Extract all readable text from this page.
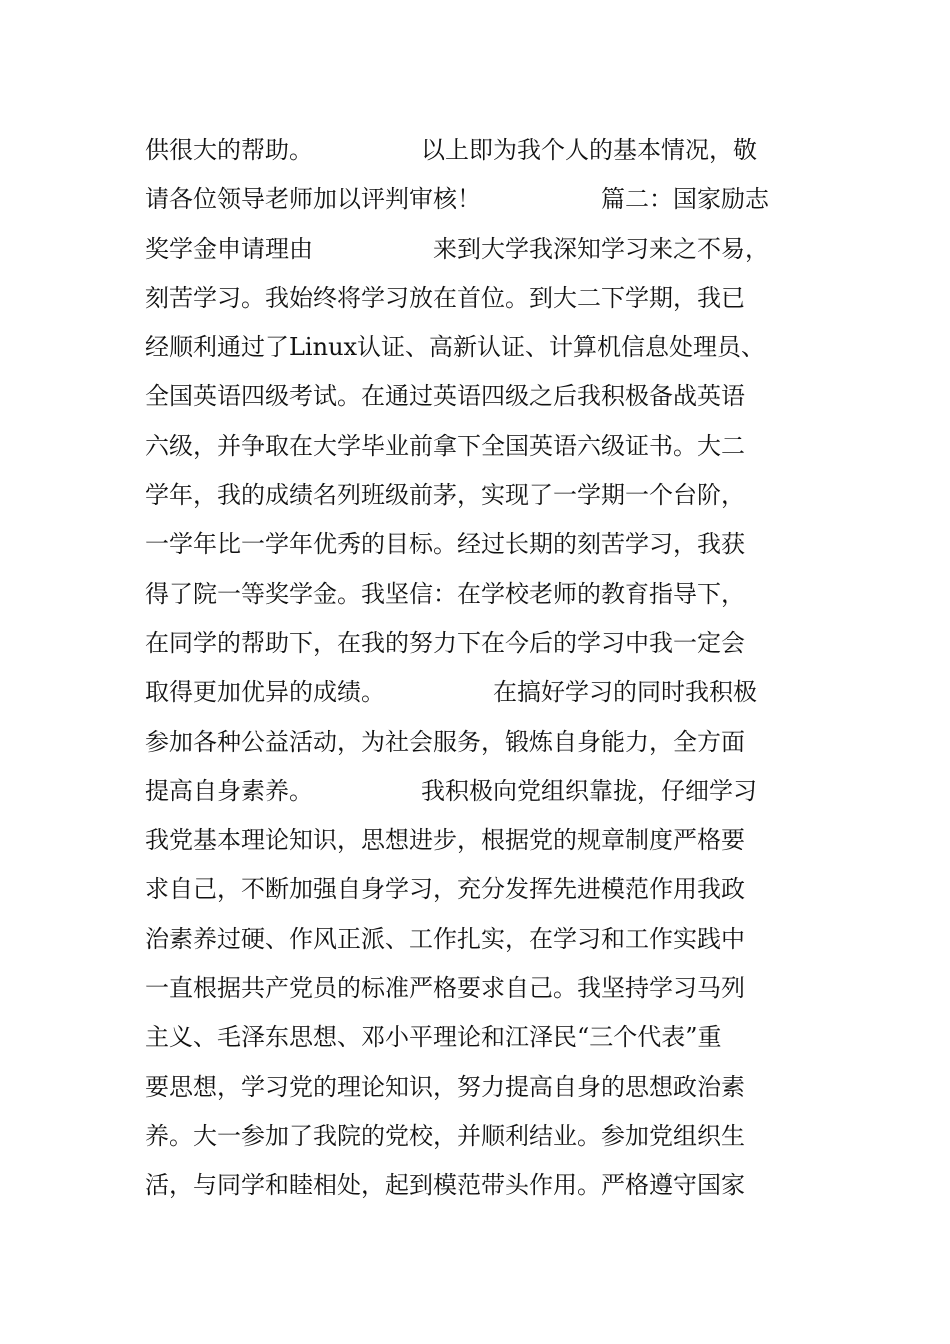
供很大的帮助。　　　　　以上即为我个人的基本情况，敬
请各位领导老师加以评判审核！　　　　　篇二：国家励志
奖学金申请理由　　　　　来到大学我深知学习来之不易，
刻苦学习。我始终将学习放在首位。到大二下学期，我已
经顺利通过了Linux认证、高新认证、计算机信息处理员、
全国英语四级考试。在通过英语四级之后我积极备战英语
六级，并争取在大学毕业前拿下全国英语六级证书。大二
学年，我的成绩名列班级前茅，实现了一学期一个台阶，
一学年比一学年优秀的目标。经过长期的刻苦学习，我获
得了院一等奖学金。我坚信：在学校老师的教育指导下，
在同学的帮助下，在我的努力下在今后的学习中我一定会
取得更加优异的成绩。　　　　　在搞好学习的同时我积极
参加各种公益活动，为社会服务，锻炼自身能力，全方面
提高自身素养。　　　　　我积极向党组织靠拢，仔细学习
我党基本理论知识，思想进步，根据党的规章制度严格要
求自己，不断加强自身学习，充分发挥先进模范作用我政
治素养过硬、作风正派、工作扎实，在学习和工作实践中
一直根据共产党员的标准严格要求自己。我坚持学习马列
主义、毛泽东思想、邓小平理论和江泽民“三个代表”重
要思想，学习党的理论知识，努力提高自身的思想政治素
养。大一参加了我院的党校，并顺利结业。参加党组织生
活，与同学和睦相处，起到模范带头作用。严格遵守国家
